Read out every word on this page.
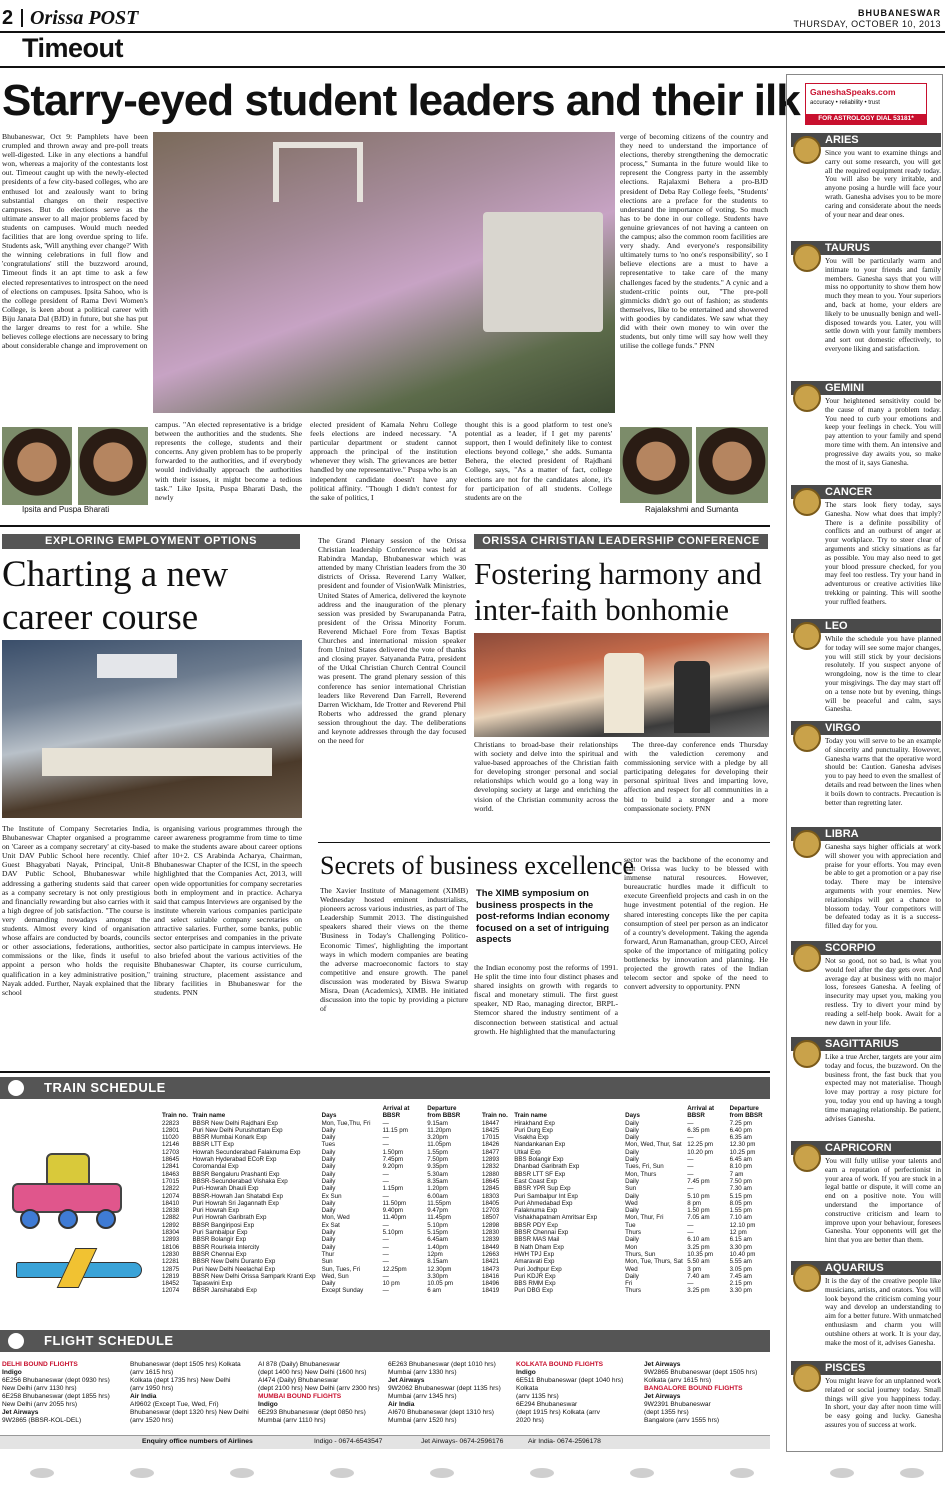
2 Orissa POST	BHUBANESWAR
THURSDAY, OCTOBER 10, 2013
Timeout
Starry-eyed student leaders and their ilk

Bhubaneswar, Oct 9: Pamphlets have been crumpled and thrown away and pre-poll treats well-digested. Like in any elections a handful won, whereas a majority of the contestants lost out. Timeout caught up with the newly-elected presidents of a few city-based colleges, who are enthused lot and zealously want to bring substantial changes on their respective campuses. But do elections serve as the ultimate answer to all major problems faced by students on campuses. Would much needed facilities that are long overdue spring to life. Students ask, 'Will anything ever change?' With the winning celebrations in full flow and 'congratulations' still the buzzword around, Timeout finds it an apt time to ask a few elected representatives to introspect on the need of elections on campuses. Ipsita Sahoo, who is the college president of Rama Devi Women's College, is keen about a political career with Biju Janata Dal (BJD) in future, but she has put the larger dreams to rest for a while. She believes college elections are necessary to bring about considerable change and improvement on

verge of becoming citizens of the country and they need to understand the importance of elections, thereby strengthening the democratic process," Sumanta in the future would like to represent the Congress party in the assembly elections. Rajalaxmi Behera a pro-BJD president of Deba Ray College feels, "Students' elections are a preface for the students to understand the importance of voting. So much has to be done in our college. Students have genuine grievances of not having a canteen on the campus; also the common room facilities are very shady. And everyone's responsibility ultimately turns to 'no one's responsibility', so I believe elections are a must to have a representative to take care of the many challenges faced by the students." A cynic and a student-critic points out, "The pre-poll gimmicks didn't go out of fashion; as students themselves, like to be entertained and showered with goodies by candidates. We saw what they did with their own money to win over the students, but only time will say how well they utilise the college funds." PNN

Ipsita and Puspa Bharati

campus. "An elected representative is a bridge between the authorities and the students. She represents the college, students and their concerns. Any given problem has to be properly forwarded to the authorities, and if everybody would individually approach the authorities with their issues, it might become a tedious task." Like Ipsita, Puspa Bharati Dash, the newly

elected president of Kamala Nehru College feels elections are indeed necessary. "A particular department or student cannot approach the principal of the institution whenever they wish. The grievances are better handled by one representative." Puspa who is an independent candidate doesn't have any political affinity. "Though I didn't contest for the sake of politics, I

thought this is a good platform to test one's potential as a leader, if I get my parents' support, then I would definitely like to contest elections beyond college," she adds. Sumanta Behera, the elected president of Rajdhani College, says, "As a matter of fact, college elections are not for the candidates alone, it's for participation of all students. College students are on the

Rajalakshmi and Sumanta
EXPLORING EMPLOYMENT OPTIONS
Charting a new career course

The Institute of Company Secretaries India, Bhubaneswar Chapter organised a programme on 'Career as a company secretary' at city-based Unit DAV Public School here recently. Chief Guest Bhagyabati Nayak, Principal, Unit-8 DAV Public School, Bhubaneswar while addressing a gathering students said that career as a company secretary is not only prestigious and financially rewarding but also carries with it a high degree of job satisfaction. "The course is very demanding nowadays amongst the students. Almost every kind of organisation whose affairs are conducted by boards, councils or other associations, federations, authorities, commissions or the like, finds it useful to appoint a person who holds the requisite qualification in a key administrative position," Nayak added. Further, Nayak explained that the school

is organising various programmes through the career awareness programme from time to time to make the students aware about career options after 10+2. CS Arabinda Acharya, Chairman, Bhubaneswar Chapter of the ICSI, in the speech highlighted that the Companies Act, 2013, will open wide opportunities for company secretaries both in employment and in practice. Acharya said that campus Interviews are organised by the institute wherein various companies participate and select suitable company secretaries on attractive salaries. Further, some banks, public sector enterprises and companies in the private sector also participate in campus interviews. He also briefed about the various activities of the Bhubaneswar Chapter, its course curriculum, training structure, placement assistance and library facilities in Bhubaneswar for the students. PNN

The Grand Plenary session of the Orissa Christian leadership Conference was held at Rabindra Mandap, Bhubaneswar which was attended by many Christian leaders from the 30 districts of Orissa. Reverend Larry Walker, president and founder of VisionWalk Ministries, United States of America, delivered the keynote address and the inauguration of the plenary session was presided by Swarupananda Patra, president of the Orissa Minority Forum. Reverend Michael Fore from Texas Baptist Churches and international mission speaker from United States delivered the vote of thanks and closing prayer. Satyananda Patra, president of the Utkal Christian Church Central Council was present. The grand plenary session of this conference has senior international Christian leaders like Reverend Dan Farrell, Reverend Darren Wickham, Ide Trotter and Reverend Phil Roberts who addressed the grand plenary session throughout the day. The deliberations and keynote addresses through the day focused on the need for

ORISSA CHRISTIAN LEADERSHIP CONFERENCE
Fostering harmony and inter-faith bonhomie

Christians to broad-base their relationships with society and delve into the spiritual and value-based approaches of the Christian faith for developing stronger personal and social relationships which would go a long way in developing society at large and enriching the vision of the Christian community across the world.

The three-day conference ends Thursday with the valediction ceremony and commissioning service with a pledge by all participating delegates for developing their personal spiritual lives and imparting love, affection and respect for all communities in a bid to build a stronger and a more compassionate society. PNN

Secrets of business excellence

The Xavier Institute of Management (XIMB) Wednesday hosted eminent industrialists, pioneers across various industries, as part of The Leadership Summit 2013. The distinguished speakers shared their views on the theme 'Business in Today's Challenging Politico-Economic Times', highlighting the important ways in which modern companies are beating the adverse macroeconomic factors to stay competitive and ensure growth. The panel discussion was moderated by Biswa Swarup Misra, Dean (Academics), XIMB. He initiated discussion into the topic by providing a picture of

The XIMB symposium on business prospects in the post-reforms Indian economy focused on a set of intriguing aspects

the Indian economy post the reforms of 1991. He split the time into four distinct phases and shared insights on growth with regards to fiscal and monetary stimuli. The first guest speaker, ND Rao, managing director, BRPL-Stemcor shared the industry sentiment of a disconnection between statistical and actual growth. He highlighted that the manufacturing

sector was the backbone of the economy and that Orissa was lucky to be blessed with immense natural resources. However, bureaucratic hurdles made it difficult to execute Greenfield projects and cash in on the huge investment potential of the region. He shared interesting concepts like the per capita consumption of steel per person as an indicator of a country's development. Taking the agenda forward, Arun Ramanathan, group CEO, Aircel spoke of the importance of mitigating policy bottlenecks by innovation and planning. He projected the growth rates of the Indian telecom sector and spoke of the need to convert adversity to opportunity. PNN

TRAIN SCHEDULE
Train no.	Train name	Days	Arrival at BBSR	Departure from BBSR
22823	BBSR New Delhi Rajdhani Exp	Mon, Tue,Thu, Fri	—	9.15am
12801	Puri New Delhi Purushottam Exp	Daily	11.15 pm	11.20pm
11020	BBSR Mumbai Konark Exp	Daily	—	3.20pm
12146	BBSR LTT Exp	Tues	—	11.05pm
12703	Howrah Secunderabad Falaknuma Exp	Daily	1.50pm	1.55pm
18645	Howrah Hyderabad ECoR Exp	Daily	7.45pm	7.50pm
12841	Coromandal Exp	Daily	9.20pm	9.35pm
18463	BBSR Bengaluru Prashanti Exp	Daily	—	5.30am
17015	BBSR-Secunderabad Vishaka Exp	Daily	—	8.35am
12822	Puri-Howrah Dhauli Exp	Daily	1.15pm	1.20pm
12074	BBSR-Howrah Jan Shatabdi Exp	Ex Sun	—	6.00am
18410	Puri Howrah Sri Jagannath Exp	Daily	11.50pm	11.55pm
12838	Puri Howrah Exp	Daily	9.40pm	9.47pm
12882	Puri Howrah Garibrath Exp	Mon, Wed	11.40pm	11.45pm
12892	BBSR Bangiriposi Exp	Ex Sat	—	5.10pm
18304	Puri Sambalpur Exp	Daily	5.10pm	5.15pm
12893	BBSR Bolangir Exp	Daily	—	6.45am
18106	BBSR Rourkela Intercity	Daily	—	1.40pm
12830	BBSR Chennai Exp	Thur	—	12pm
12281	BBSR New Delhi Duranto Exp	Sun	—	8.15am
12875	Puri New Delhi Neelachal Exp	Sun, Tues, Fri	12.25pm	12.30pm
12819	BBSR New Delhi Orissa Sampark Kranti Exp	Wed, Sun	—	3.30pm
18452	Tapaswini Exp	Daily	10 pm	10.05 pm
12074	BBSR Janshatabdi Exp	Except Sunday	—	6 am
Train no.	Train name	Days	Arrival at BBSR	Departure from BBSR
18447	Hirakhand Exp	Daily	—	7.25 pm
18425	Puri Durg Exp	Daily	6.35 pm	6.40 pm
17015	Visakha Exp	Daily	—	6.35 am
18426	Nandankanan Exp	Mon, Wed, Thur, Sat	12.25 pm	12.30 pm
18477	Utkal Exp	Daily	10.20 pm	10.25 pm
12893	BBS Bolangir Exp	Daily	—	6.45 am
12832	Dhanbad Garibrath Exp	Tues, Fri, Sun	—	8.10 pm
12880	BBSR LTT SF Exp	Mon, Thurs	—	7 am
18645	East Coast Exp	Daily	7.45 pm	7.50 pm
12845	BBSR YPR Sup Exp	Sun	—	7.30 am
18303	Puri Sambalpur Int Exp	Daily	5.10 pm	5.15 pm
18405	Puri Ahmedabad Exp	Wed	8 pm	8.05 pm
12703	Falaknuma Exp	Daily	1.50 pm	1.55 pm
18507	Vishakhapatnam Amritsar Exp	Mon, Thur, Fri	7.05 am	7.10 am
12898	BBSR PDY Exp	Tue	—	12.10 pm
12830	BBSR Chennai Exp	Thurs	—	12 pm
12839	BBSR MAS Mail	Daily	6.10 am	6.15 am
18449	B Nath Dham Exp	Mon	3.25 pm	3.30 pm
12663	HWH TPJ Exp	Thurs, Sun	10.35 pm	10.40 pm
18421	Amaravati Exp	Mon, Tue, Thurs, Sat	5.50 am	5.55 am
18473	Puri Jodhpur Exp	Wed	3 pm	3.05 pm
18416	Puri KDJR Exp	Daily	7.40 am	7.45 am
18496	BBS RMM Exp	Fri	—	2.15 pm
18419	Puri DBG Exp	Thurs	3.25 pm	3.30 pm
FLIGHT SCHEDULE
DELHI BOUND FLIGHTS
Indigo
6E256 Bhubaneswar (dept 0930 hrs)
New Delhi (arrv 1130 hrs)
6E258 Bhubaneswar (dept 1855 hrs)
New Delhi (arrv 2055 hrs)
Jet Airways
9W2865 (BBSR-KOL-DEL)
Bhubaneswar (dept 1505 hrs) Kolkata
(arrv 1615 hrs)
Kolkata (dept 1735 hrs) New Delhi
(arrv 1950 hrs)
Air India
AI9602 (Except Tue, Wed, Fri)
Bhubaneswar (dept 1320 hrs) New Delhi
(arrv 1520 hrs)
AI 878 (Daily) Bhubaneswar
(dept 1400 hrs) New Delhi (1600 hrs)
AI474 (Daily) Bhubaneswar
(dept 2100 hrs) New Delhi (arrv 2300 hrs)
MUMBAI BOUND FLIGHTS
Indigo
6E293 Bhubaneswar (dept 0850 hrs)
Mumbai (arrv 1110 hrs)
6E263 Bhubaneswar (dept 1010 hrs)
Mumbai (arrv 1330 hrs)
Jet Airways
9W2062 Bhubaneswar (dept 1135 hrs)
Mumbai (arrv 1345 hrs)
Air India
AI670 Bhubaneswar (dept 1310 hrs)
Mumbai (arrv 1520 hrs)
KOLKATA BOUND FLIGHTS
Indigo
6E511 Bhubaneswar (dept 1040 hrs)
Kolkata
(arrv 1135 hrs)
6E294 Bhubaneswar
(dept 1915 hrs) Kolkata (arrv
2020 hrs)
Jet Airways
9W2865 Bhubaneswar (dept 1505 hrs)
Kolkata (arrv 1615 hrs)
BANGALORE BOUND FLIGHTS
Jet Airways
9W2391 Bhubaneswar
(dept 1355 hrs)
Bangalore (arrv 1555 hrs)
Enquiry office numbers of Airlines	Indigo - 0674-6543547	Jet Airways- 0674-2596176	Air India- 0674-2596178
GaneshaSpeaks.com
accuracy • reliability • trust
FOR ASTROLOGY DIAL 53181*
ARIES
Since you want to examine things and carry out some research, you will get all the required equipment ready today. You will also be very irritable, and anyone posing a hurdle will face your wrath. Ganesha advises you to be more caring and considerate about the needs of your near and dear ones.
TAURUS
You will be particularly warm and intimate to your friends and family members. Ganesha says that you will miss no opportunity to show them how much they mean to you. Your superiors and, back at home, your elders are likely to be unusually benign and well-disposed towards you. Later, you will settle down with your family members and sort out domestic effectively, to everyone liking and satisfaction.
GEMINI
Your heightened sensitivity could be the cause of many a problem today. You need to curb your emotions and keep your feelings in check. You will pay attention to your family and spend more time with them. An intensive and progressive day awaits you, so make the most of it, says Ganesha.
CANCER
The stars look fiery today, says Ganesha. Now what does that imply? There is a definite possibility of conflicts and an outburst of anger at your workplace. Try to steer clear of arguments and sticky situations as far as possible. You may also need to get your blood pressure checked, for you may feel too restless. Try your hand in adventurous or creative activities like trekking or painting. This will soothe your ruffled feathers.
LEO
While the schedule you have planned for today will see some major changes, you will still stick by your decisions resolutely. If you suspect anyone of wrongdoing, now is the time to clear your misgivings. The day may start off on a tense note but by evening, things will be peaceful and calm, says Ganesha.
VIRGO
Today you will serve to be an example of sincerity and punctuality. However, Ganesha warns that the operative word should be: Caution. Ganesha advises you to pay heed to even the smallest of details and read between the lines when it boils down to contracts. Precaution is better than regretting later.
LIBRA
Ganesha says higher officials at work will shower you with appreciation and praise for your efforts. You may even be able to get a promotion or a pay rise today. There may be intensive arguments with your enemies. New relationships will get a chance to blossom today. Your competitors will be defeated today as it is a success-filled day for you.
SCORPIO
Not so good, not so bad, is what you would feel after the day gets over. And average day at business with no major loss, foresees Ganesha. A feeling of insecurity may upset you, making you restless. Try to divert your mind by reading a self-help book. Await for a new dawn in your life.
SAGITTARIUS
Like a true Archer, targets are your aim today and focus, the buzzword. On the business front, the fast buck that you expected may not materialise. Though love may portray a rosy picture for you, today you end up having a tough time managing relationship. Be patient, advises Ganesha.
CAPRICORN
You will fully utilise your talents and earn a reputation of perfectionist in your area of work. If you are stuck in a legal battle or dispute, it will come an end on a positive note. You will understand the importance of constructive criticism and learn to improve upon your behaviour, foresees Ganesha. Your opponents will get the hint that you are better than them.
AQUARIUS
It is the day of the creative people like musicians, artists, and orators. You will look beyond the criticism coming your way and develop an understanding to aim for a better future. With unmatched enthusiasm and charm you will outshine others at work. It is your day, make the most of it, advises Ganesha.
PISCES
You might leave for an unplanned work related or social journey today. Small things will give you happiness today. In short, your day after noon time will be easy going and lucky. Ganesha assures you of success at work.
